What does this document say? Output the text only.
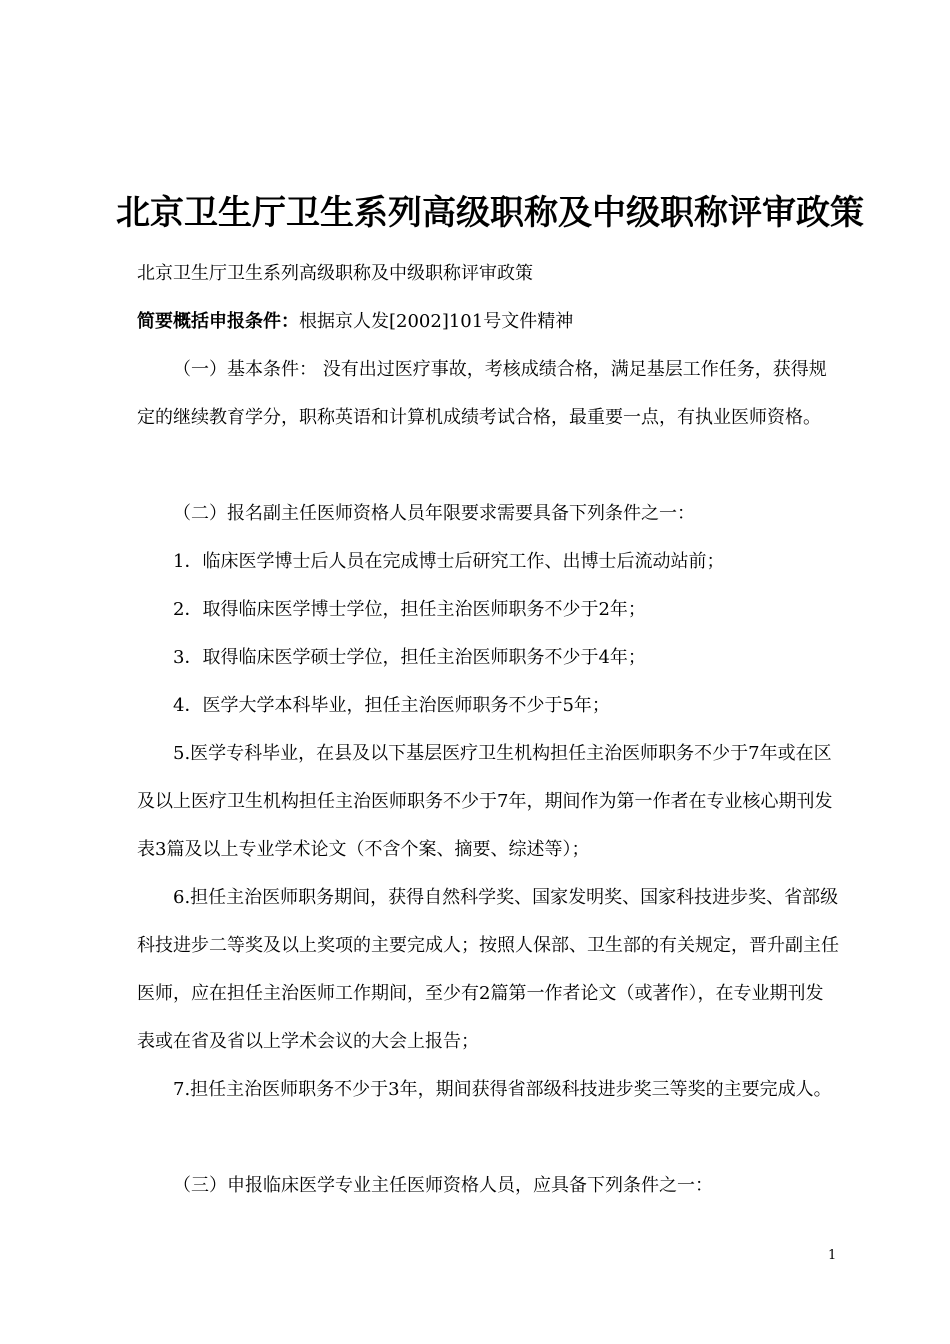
北京卫生厅卫生系列高级职称及中级职称评审政策
北京卫生厅卫生系列高级职称及中级职称评审政策
简要概括申报条件：根据京人发[2002]101号文件精神
（一）基本条件： 没有出过医疗事故，考核成绩合格，满足基层工作任务，获得规定的继续教育学分，职称英语和计算机成绩考试合格，最重要一点，有执业医师资格。
（二）报名副主任医师资格人员年限要求需要具备下列条件之一：
1．临床医学博士后人员在完成博士后研究工作、出博士后流动站前；
2．取得临床医学博士学位，担任主治医师职务不少于2年；
3．取得临床医学硕士学位，担任主治医师职务不少于4年；
4．医学大学本科毕业，担任主治医师职务不少于5年；
5.医学专科毕业，在县及以下基层医疗卫生机构担任主治医师职务不少于7年或在区及以上医疗卫生机构担任主治医师职务不少于7年，期间作为第一作者在专业核心期刊发表3篇及以上专业学术论文（不含个案、摘要、综述等）；
6.担任主治医师职务期间，获得自然科学奖、国家发明奖、国家科技进步奖、省部级科技进步二等奖及以上奖项的主要完成人；按照人保部、卫生部的有关规定，晋升副主任医师，应在担任主治医师工作期间，至少有2篇第一作者论文（或著作），在专业期刊发表或在省及省以上学术会议的大会上报告；
7.担任主治医师职务不少于3年，期间获得省部级科技进步奖三等奖的主要完成人。
（三）申报临床医学专业主任医师资格人员，应具备下列条件之一：
1
